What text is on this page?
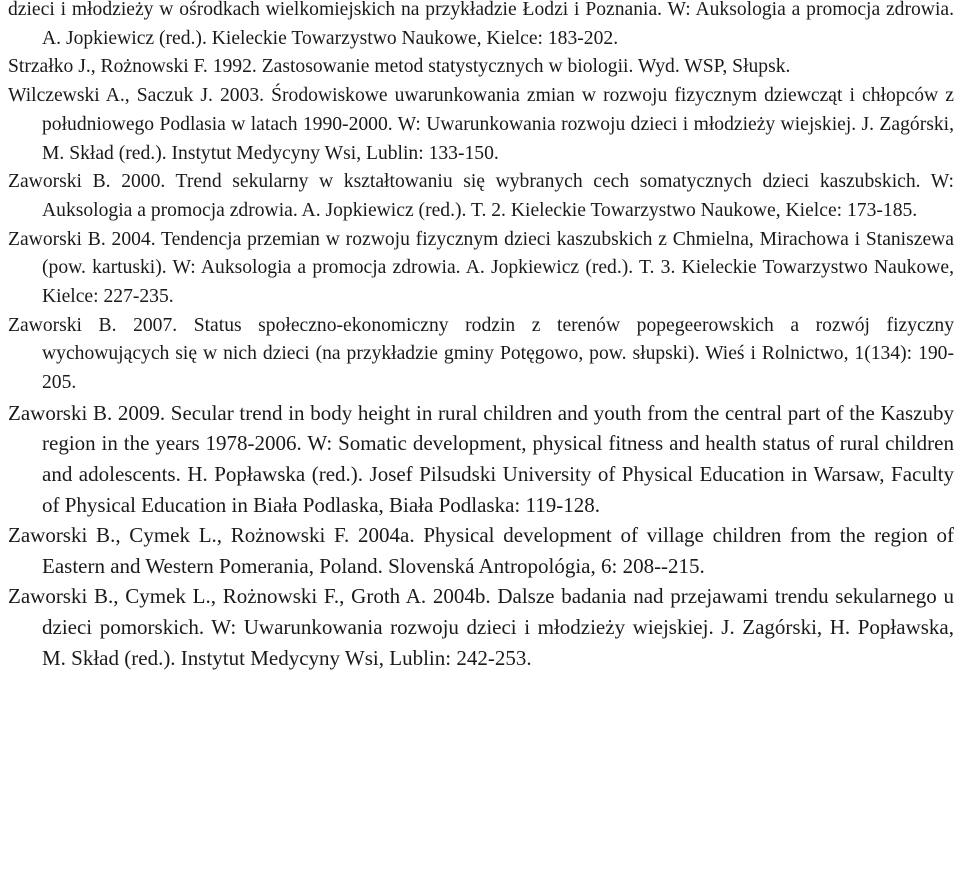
dzieci i młodzieży w ośrodkach wielkomiejskich na przykładzie Łodzi i Poznania. W: Auksologia a promocja zdrowia. A. Jopkiewicz (red.). Kieleckie Towarzystwo Naukowe, Kielce: 183-202.

Strzałko J., Rożnowski F. 1992. Zastosowanie metod statystycznych w biologii. Wyd. WSP, Słupsk.

Wilczewski A., Saczuk J. 2003. Środowiskowe uwarunkowania zmian w rozwoju fizycznym dziewcząt i chłopców z południowego Podlasia w latach 1990-2000. W: Uwarunkowania rozwoju dzieci i młodzieży wiejskiej. J. Zagórski, M. Skład (red.). Instytut Medycyny Wsi, Lublin: 133-150.

Zaworski B. 2000. Trend sekularny w kształtowaniu się wybranych cech somatycznych dzieci kaszubskich. W: Auksologia a promocja zdrowia. A. Jopkiewicz (red.). T. 2. Kieleckie Towarzystwo Naukowe, Kielce: 173-185.

Zaworski B. 2004. Tendencja przemian w rozwoju fizycznym dzieci kaszubskich z Chmielna, Mirachowa i Staniszewa (pow. kartuski). W: Auksologia a promocja zdrowia. A. Jopkiewicz (red.). T. 3. Kieleckie Towarzystwo Naukowe, Kielce: 227-235.

Zaworski B. 2007. Status społeczno-ekonomiczny rodzin z terenów popegeerowskich a rozwój fizyczny wychowujących się w nich dzieci (na przykładzie gminy Potęgowo, pow. słupski). Wieś i Rolnictwo, 1(134): 190-205.

Zaworski B. 2009. Secular trend in body height in rural children and youth from the central part of the Kaszuby region in the years 1978-2006. W: Somatic development, physical fitness and health status of rural children and adolescents. H. Popławska (red.). Josef Pilsudski University of Physical Education in Warsaw, Faculty of Physical Education in Biała Podlaska, Biała Podlaska: 119-128.

Zaworski B., Cymek L., Rożnowski F. 2004a. Physical development of village children from the region of Eastern and Western Pomerania, Poland. Slovenská Antropológia, 6: 208--215.

Zaworski B., Cymek L., Rożnowski F., Groth A. 2004b. Dalsze badania nad przejawami trendu sekularnego u dzieci pomorskich. W: Uwarunkowania rozwoju dzieci i młodzieży wiejskiej. J. Zagórski, H. Popławska, M. Skład (red.). Instytut Medycyny Wsi, Lublin: 242-253.
